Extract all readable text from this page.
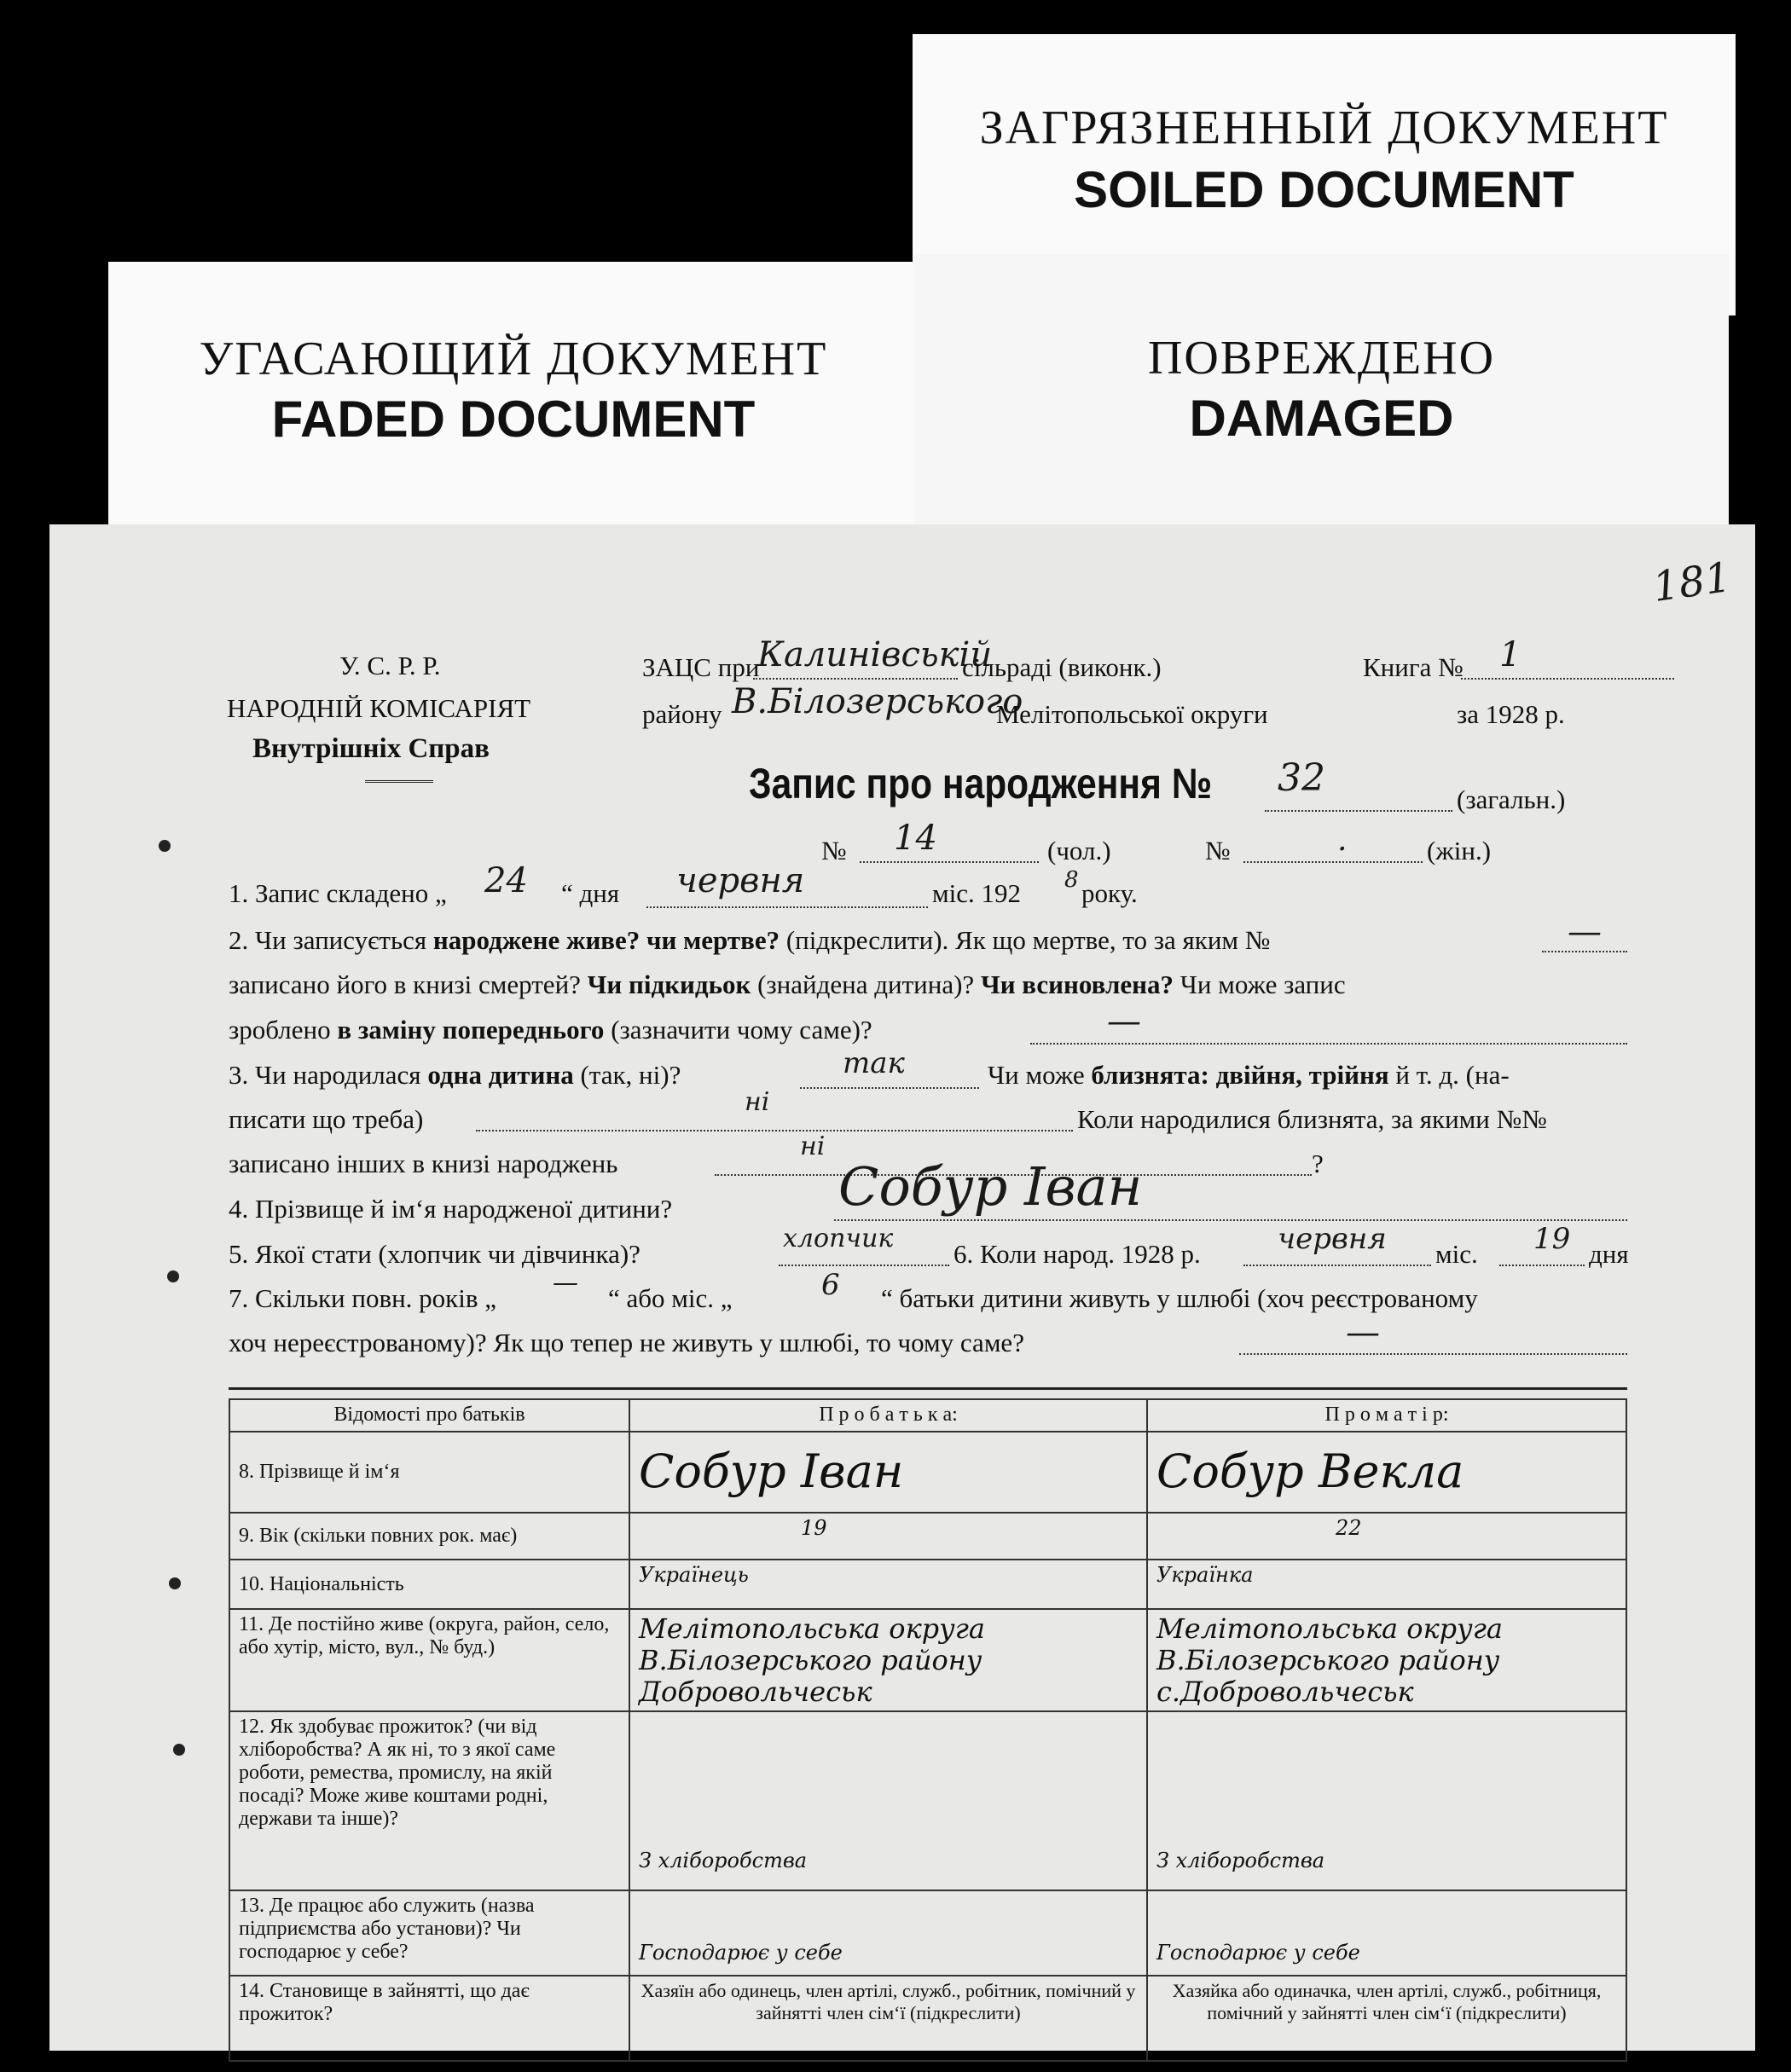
ЗАГРЯЗНЕННЫЙ ДОКУМЕНТ
SOILED DOCUMENT
УГАСАЮЩИЙ ДОКУМЕНТ
FADED DOCUMENT
ПОВРЕЖДЕНО
DAMAGED
181
У. С. Р. Р.
НАРОДНІЙ КОМІСАРІЯТ
Внутрішніх Справ
ЗАЦС при
Калинівській
сільраді (виконк.)	Книга № 1
району В.Білозерського
Мелітопольської округи	за 1928 р.
Запис про народження № 32	(загальн.)
№ 14	(чол.)	№	.	(жін.)
1. Запис складено „ 24 “ дня червня	міс. 192 8 року.
2. Чи записується народжене живе? чи мертве? (підкреслити). Як що мертве, то за яким №	—
записано його в книзі смертей? Чи підкидьок (знайдена дитина)? Чи всиновлена? Чи може запис
зроблено в заміну попереднього (зазначити чому саме)?	—
3. Чи народилася одна дитина (так, ні)?	так	Чи може близнята: двійня, трійня й т. д. (на-
писати що треба)
ні
Коли народилися близнята, за якими №№
записано інших в книзі народжень
ні
?
4. Прізвище й ім‘я народженої дитини?	Собур Іван
5. Якої стати (хлопчик чи дівчинка)?
хлопчик
6. Коли народ. 1928 р.	червня міс. 19 дня
7. Скільки повн. років „
—
“ або міс. „	6 “ батьки дитини живуть у шлюбі (хоч реєстрованому
хоч нереєстрованому)? Як що тепер не живуть у шлюбі, то чому саме?	—
Відомості про батьків	П р о б а т ь к а:	П р о м а т і р:
8. Прізвище й ім‘я	Собур Іван	Собур Векла
9. Вік (скільки повних рок. має)	19	22
10. Національність	Українець	Українка
11. Де постійно живе (округа, район, село, або хутір, місто, вул., № буд.)	Мелітопольська округа В.Білозерського району Добровольчеськ	Мелітопольська округа В.Білозерського району с.Добровольчеськ
12. Як здобуває прожиток? (чи від хліборобства? А як ні, то з якої саме роботи, ремества, промислу, на якій посаді? Може живе коштами родні, держави та інше)?	З хліборобства	З хліборобства
13. Де працює або служить (назва підприємства або установи)? Чи господарює у себе?	Господарює у себе	Господарює у себе
14. Становище в зайнятті, що дає прожиток?	Хазяїн або одинець, член артілі, служб., робітник, помічний у зайнятті член сім‘ї (підкреслити)	Хазяйка або одиначка, член артілі, служб., робітниця, помічний у зайнятті член сім‘ї (підкреслити)
